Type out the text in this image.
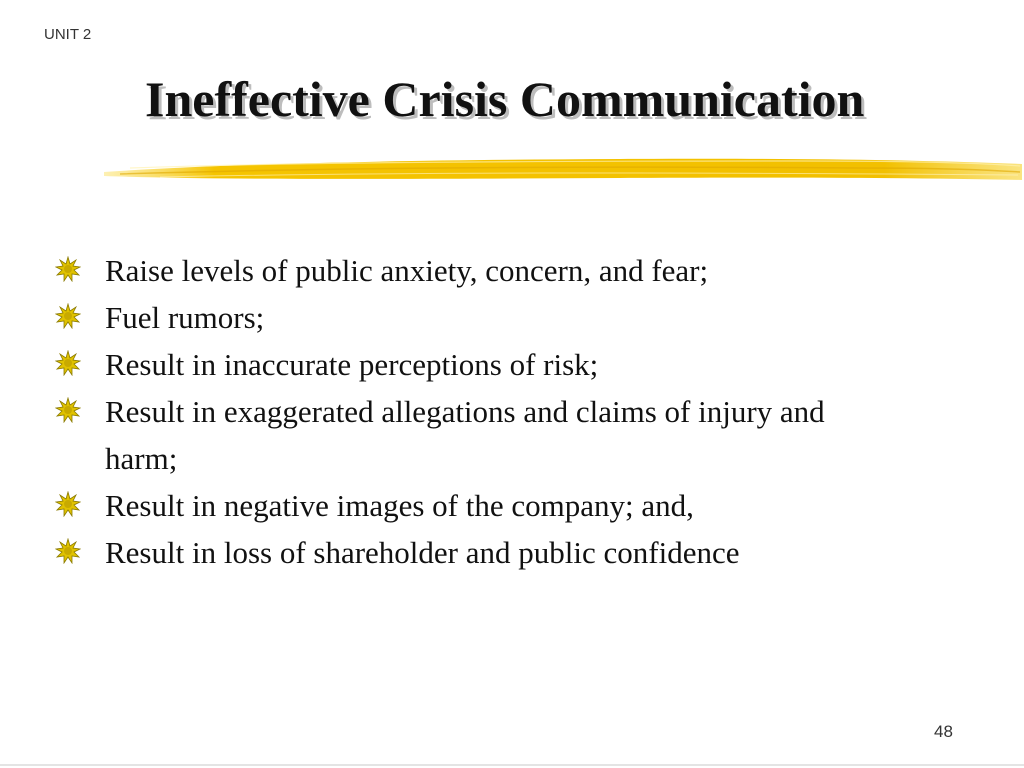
UNIT 2
Ineffective Crisis Communication
Raise levels of public anxiety, concern, and fear;
Fuel rumors;
Result in inaccurate perceptions of risk;
Result in exaggerated allegations and claims of injury and harm;
Result in negative images of the company; and,
Result in loss of shareholder and public confidence
48
